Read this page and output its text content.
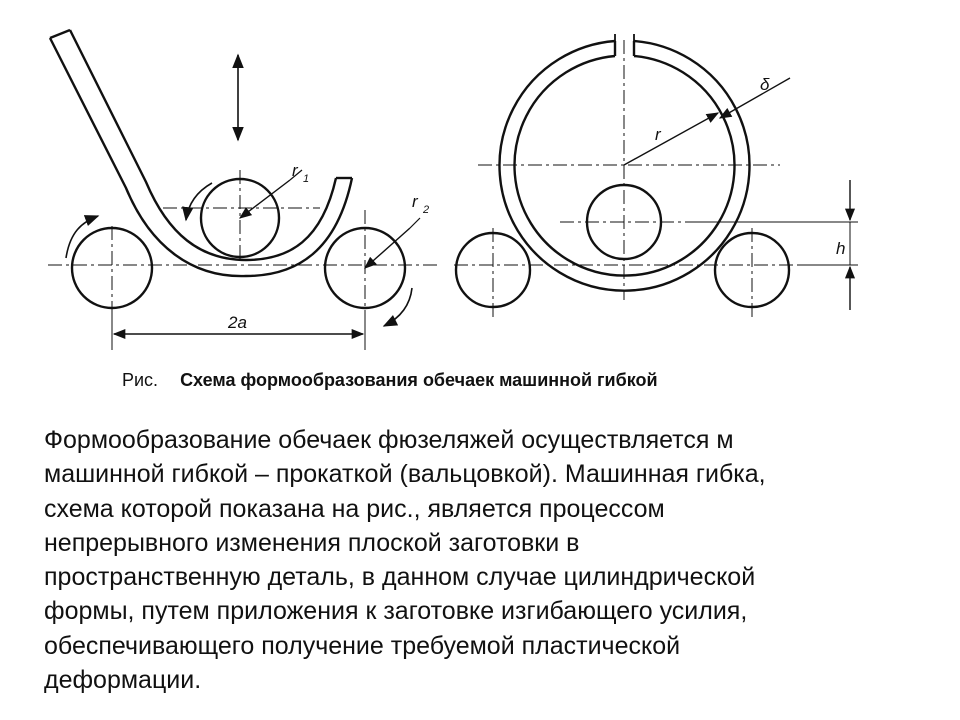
r 1
r 2
2a
r
δ
h
Рис. Схема формообразования обечаек машинной гибкой
Формообразование обечаек фюзеляжей осуществляется м
машинной гибкой – прокаткой (вальцовкой). Машинная гибка,
схема которой показана на рис., является процессом
непрерывного изменения плоской заготовки в
пространственную деталь, в данном случае цилиндрической
формы, путем приложения к заготовке изгибающего усилия,
обеспечивающего получение требуемой пластической
деформации.
